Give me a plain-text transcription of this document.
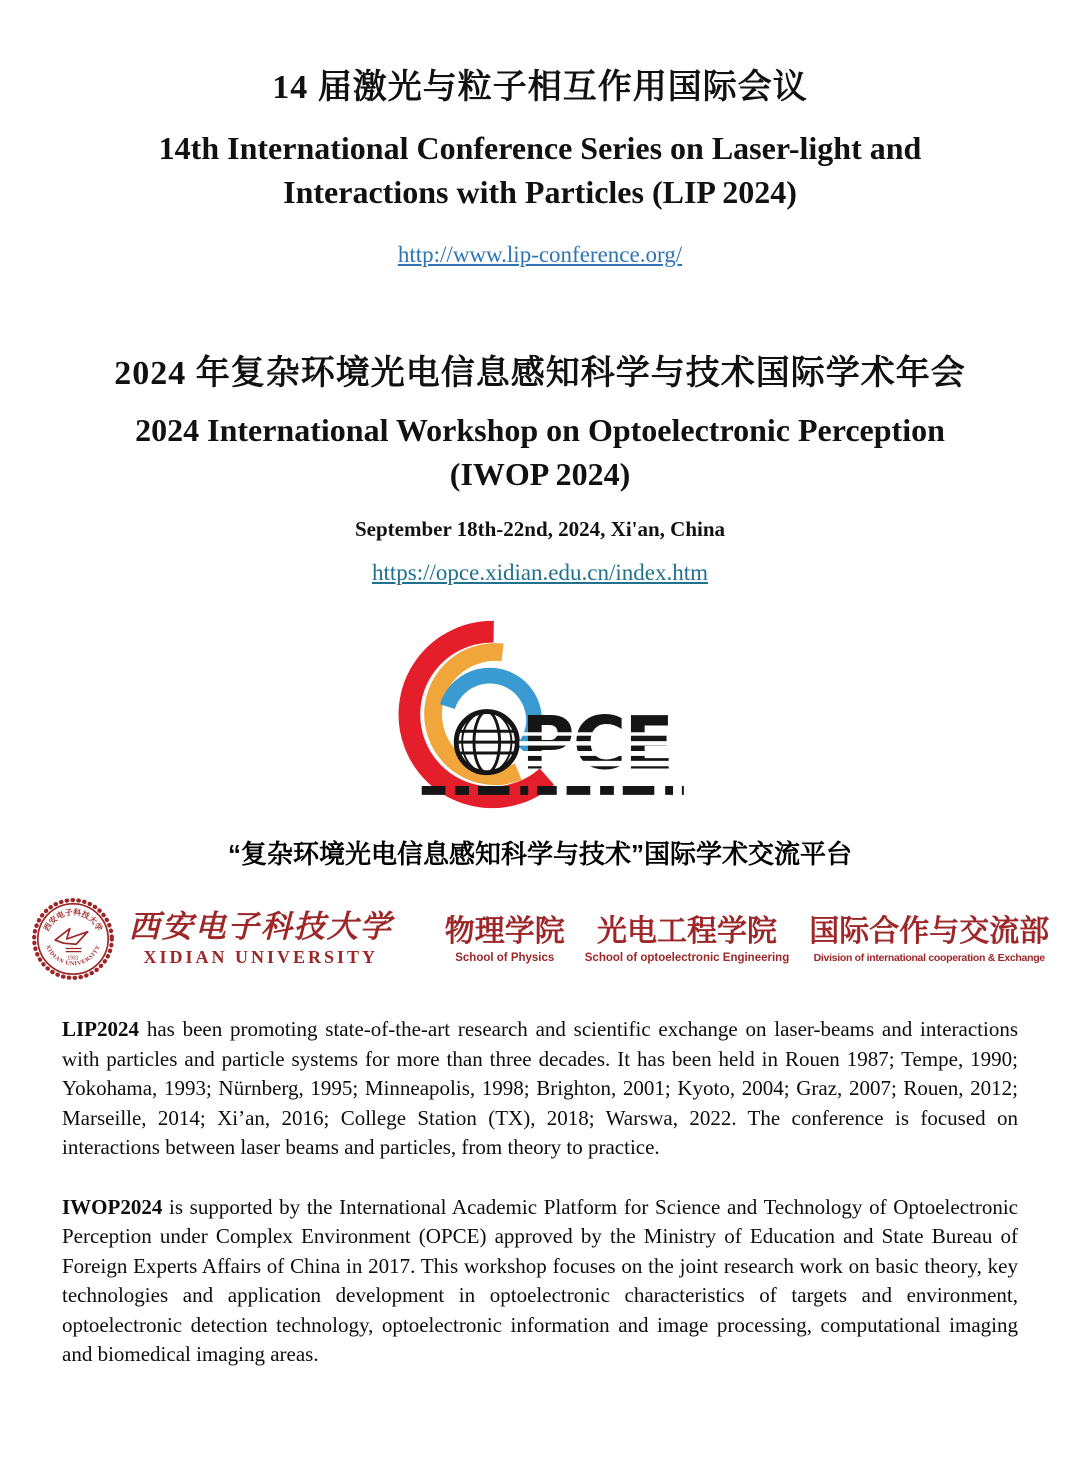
14 届激光与粒子相互作用国际会议
14th International Conference Series on Laser-light and Interactions with Particles (LIP 2024)
http://www.lip-conference.org/
2024 年复杂环境光电信息感知科学与技术国际学术年会
2024 International Workshop on Optoelectronic Perception (IWOP 2024)
September 18th-22nd, 2024, Xi'an, China
https://opce.xidian.edu.cn/index.htm
“复杂环境光电信息感知科学与技术”国际学术交流平台
西安电子科技大学
XIDIAN UNIVERSITY
1931
西安电子科技大学
XIDIAN UNIVERSITY
物理学院
School of Physics
光电工程学院
School of optoelectronic Engineering
国际合作与交流部
Division of international cooperation & Exchange

LIP2024 has been promoting state-of-the-art research and scientific exchange on laser-beams and interactions with particles and particle systems for more than three decades. It has been held in Rouen 1987; Tempe, 1990; Yokohama, 1993; Nürnberg, 1995; Minneapolis, 1998; Brighton, 2001; Kyoto, 2004; Graz, 2007; Rouen, 2012; Marseille, 2014; Xi’an, 2016; College Station (TX), 2018; Warswa, 2022. The conference is focused on interactions between laser beams and particles, from theory to practice.

IWOP2024 is supported by the International Academic Platform for Science and Technology of Optoelectronic Perception under Complex Environment (OPCE) approved by the Ministry of Education and State Bureau of Foreign Experts Affairs of China in 2017. This workshop focuses on the joint research work on basic theory, key technologies and application development in optoelectronic characteristics of targets and environment, optoelectronic detection technology, optoelectronic information and image processing, computational imaging and biomedical imaging areas.
